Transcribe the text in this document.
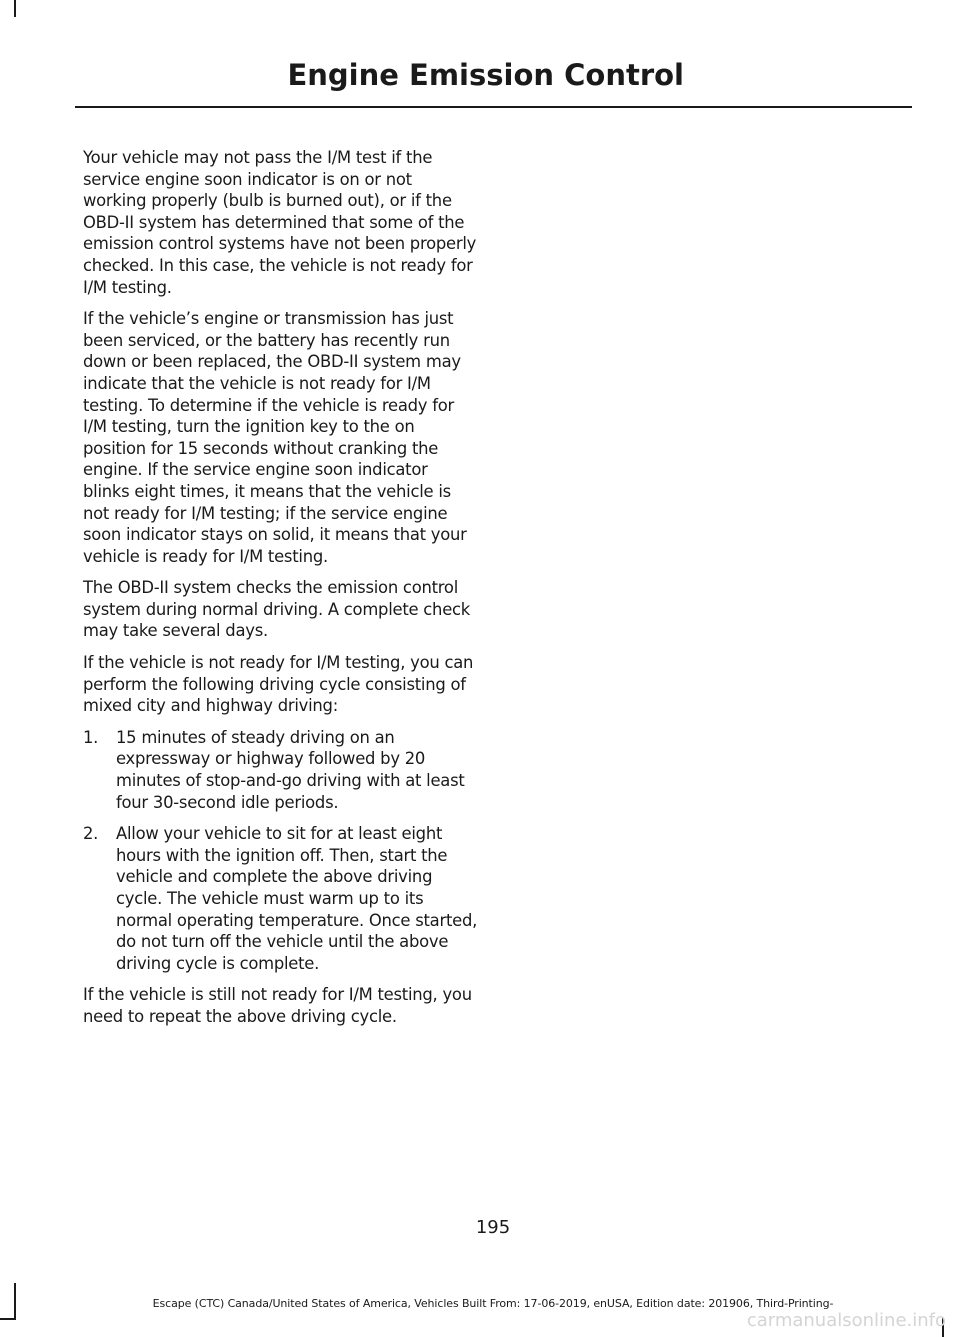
Engine Emission Control

Your vehicle may not pass the I/M test if the service engine soon indicator is on or not working properly (bulb is burned out), or if the OBD-II system has determined that some of the emission control systems have not been properly checked. In this case, the vehicle is not ready for I/M testing.

If the vehicle’s engine or transmission has just been serviced, or the battery has recently run down or been replaced, the OBD-II system may indicate that the vehicle is not ready for I/M testing. To determine if the vehicle is ready for I/M testing, turn the ignition key to the on position for 15 seconds without cranking the engine. If the service engine soon indicator blinks eight times, it means that the vehicle is not ready for I/M testing; if the service engine soon indicator stays on solid, it means that your vehicle is ready for I/M testing.

The OBD-II system checks the emission control system during normal driving. A complete check may take several days.

If the vehicle is not ready for I/M testing, you can perform the following driving cycle consisting of mixed city and highway driving:

1. 15 minutes of steady driving on an expressway or highway followed by 20 minutes of stop-and-go driving with at least four 30-second idle periods.
2. Allow your vehicle to sit for at least eight hours with the ignition off. Then, start the vehicle and complete the above driving cycle. The vehicle must warm up to its normal operating temperature. Once started, do not turn off the vehicle until the above driving cycle is complete.

If the vehicle is still not ready for I/M testing, you need to repeat the above driving cycle.

195
Escape (CTC) Canada/United States of America, Vehicles Built From: 17-06-2019, enUSA, Edition date: 201906, Third-Printing-
carmanualsonline.info
